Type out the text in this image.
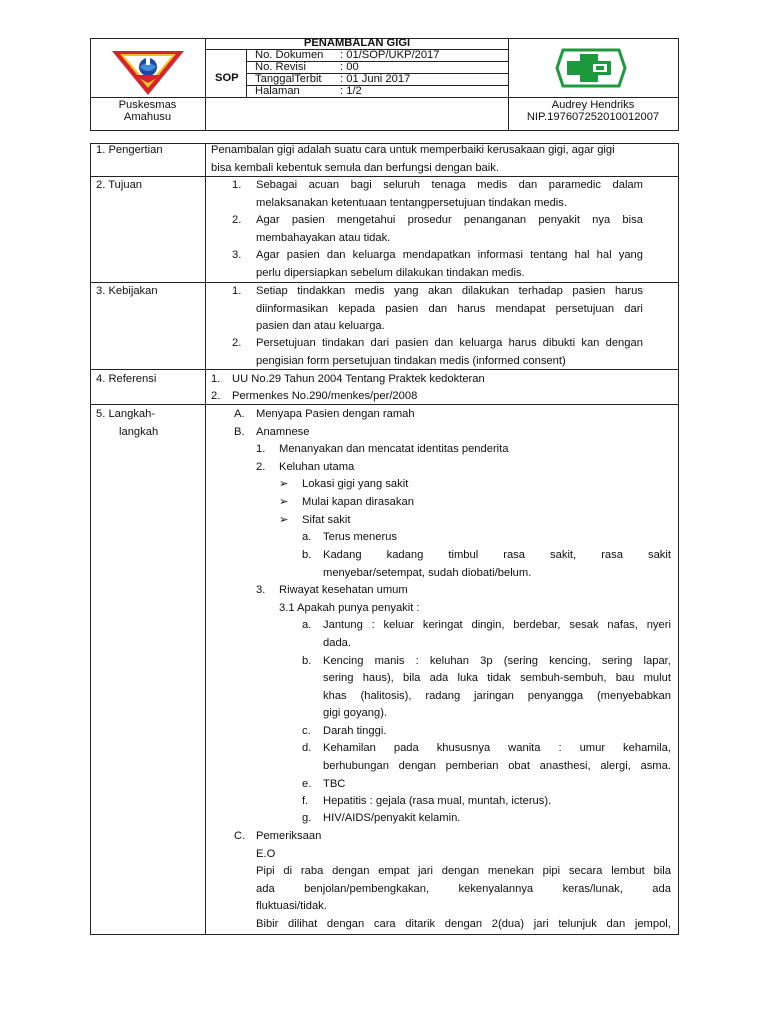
PENAMBALAN GIGI
SOP
No. Dokumen : 01/SOP/UKP/2017
No. Revisi	: 00
TanggalTerbit : 01 Juni 2017
Halaman	: 1/2
Puskesmas
Amahusu
Audrey Hendriks
NIP.197607252010012007
1. Pengertian	Penambalan gigi adalah suatu cara untuk memperbaiki kerusakaan gigi, agar gigi
bisa kembali kebentuk semula dan berfungsi dengan baik.
2. Tujuan	1. Sebagai acuan bagi seluruh tenaga medis dan paramedic dalam
melaksanakan ketentuaan tentangpersetujuan tindakan medis.
2. Agar pasien mengetahui prosedur penanganan penyakit nya bisa
membahayakan atau tidak.
3. Agar pasien dan keluarga mendapatkan informasi tentang hal hal yang
perlu dipersiapkan sebelum dilakukan tindakan medis.
3. Kebijakan	1. Setiap tindakkan medis yang akan dilakukan terhadap pasien harus
diinformasikan kepada pasien dan harus mendapat persetujuan dari
pasien dan atau keluarga.
2. Persetujuan tindakan dari pasien dan keluarga harus dibukti kan dengan
pengisian form persetujuan tindakan medis (informed consent)
4. Referensi	1. UU No.29 Tahun 2004 Tentang Praktek kedokteran
2. Permenkes No.290/menkes/per/2008
5. Langkah-
langkah
A. Menyapa Pasien dengan ramah
B. Anamnese
1. Menanyakan dan mencatat identitas penderita
2. Keluhan utama
➢ Lokasi gigi yang sakit
➢ Mulai kapan dirasakan
➢ Sifat sakit
a. Terus menerus
b. Kadang kadang timbul rasa sakit, rasa sakit
menyebar/setempat, sudah diobati/belum.
3. Riwayat kesehatan umum
3.1 Apakah punya penyakit :
a. Jantung : keluar keringat dingin, berdebar, sesak nafas, nyeri
dada.
b. Kencing manis : keluhan 3p (sering kencing, sering lapar,
sering haus), bila ada luka tidak sembuh-sembuh, bau mulut
khas (halitosis), radang jaringan penyangga (menyebabkan
gigi goyang).
c. Darah tinggi.
d. Kehamilan pada khususnya wanita : umur kehamila,
berhubungan dengan pemberian obat anasthesi, alergi, asma.
e. TBC
f. Hepatitis : gejala (rasa mual, muntah, icterus).
g. HIV/AIDS/penyakit kelamin.
C. Pemeriksaan
E.O
Pipi di raba dengan empat jari dengan menekan pipi secara lembut bila
ada	benjolan/pembengkakan,	kekenyalannya	keras/lunak,	ada
fluktuasi/tidak.
Bibir dilihat dengan cara ditarik dengan 2(dua) jari telunjuk dan jempol,
